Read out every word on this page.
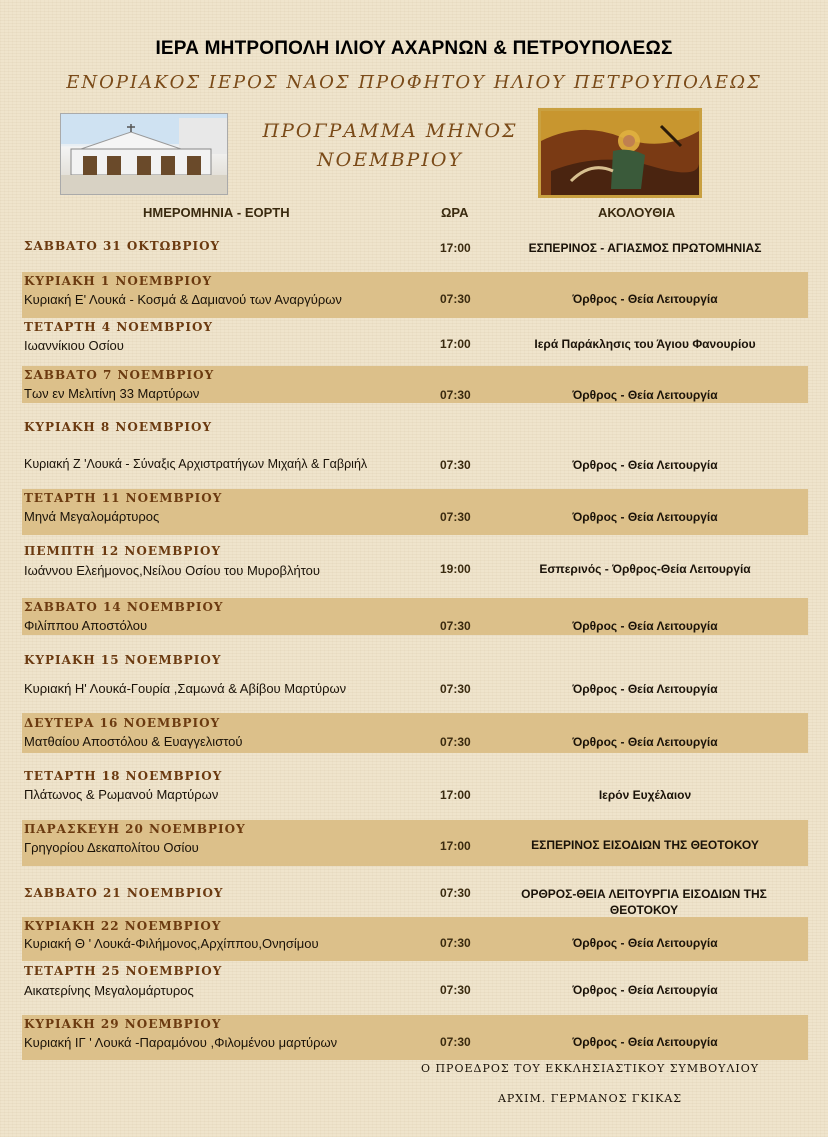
ΙΕΡΑ ΜΗΤΡΟΠΟΛΗ ΙΛΙΟΥ ΑΧΑΡΝΩΝ & ΠΕΤΡΟΥΠΟΛΕΩΣ
ΕΝΟΡΙΑΚΟΣ ΙΕΡΟΣ ΝΑΟΣ ΠΡΟΦΗΤΟΥ ΗΛΙΟΥ ΠΕΤΡΟΥΠΟΛΕΩΣ
ΠΡΟΓΡΑΜΜΑ ΜΗΝΟΣ
ΝΟΕΜΒΡΙΟΥ
ΗΜΕΡΟΜΗΝΙΑ - ΕΟΡΤΗ	ΩΡΑ	ΑΚΟΛΟΥΘΙΑ
ΣΑΒΒΑΤΟ 31 ΟΚΤΩΒΡΙΟΥ	17:00	ΕΣΠΕΡΙΝΟΣ - ΑΓΙΑΣΜΟΣ ΠΡΩΤΟΜΗΝΙΑΣ
ΚΥΡΙΑΚΗ 1 ΝΟΕΜΒΡΙΟΥ
Κυριακή Ε' Λουκά - Κοσμά & Δαμιανού των Αναργύρων	07:30	Όρθρος - Θεία Λειτουργία
ΤΕΤΑΡΤΗ 4 ΝΟΕΜΒΡΙΟΥ
Ιωαννίκιου Οσίου	17:00	Ιερά Παράκλησις του Άγιου Φανουρίου
ΣΑΒΒΑΤΟ 7 ΝΟΕΜΒΡΙΟΥ
Των εν Μελιτίνη 33 Μαρτύρων	07:30	Όρθρος - Θεία Λειτουργία
ΚΥΡΙΑΚΗ 8 ΝΟΕΜΒΡΙΟΥ
Κυριακή Ζ 'Λουκά - Σύναξις Αρχιστρατήγων Μιχαήλ & Γαβριήλ	07:30	Όρθρος - Θεία Λειτουργία
ΤΕΤΑΡΤΗ 11 ΝΟΕΜΒΡΙΟΥ
Μηνά Μεγαλομάρτυρος	07:30	Όρθρος - Θεία Λειτουργία
ΠΕΜΠΤΗ 12 ΝΟΕΜΒΡΙΟΥ
Ιωάννου Ελεήμονος,Νείλου Οσίου του Μυροβλήτου	19:00	Εσπερινός - Όρθρος-Θεία Λειτουργία
ΣΑΒΒΑΤΟ 14 ΝΟΕΜΒΡΙΟΥ
Φιλίππου Αποστόλου	07:30	Όρθρος - Θεία Λειτουργία
ΚΥΡΙΑΚΗ 15 ΝΟΕΜΒΡΙΟΥ
Κυριακή Η' Λουκά-Γουρία ,Σαμωνά & Αβίβου Μαρτύρων	07:30	Όρθρος - Θεία Λειτουργία
ΔΕΥΤΕΡΑ 16 ΝΟΕΜΒΡΙΟΥ
Ματθαίου Αποστόλου & Ευαγγελιστού	07:30	Όρθρος - Θεία Λειτουργία
ΤΕΤΑΡΤΗ 18 ΝΟΕΜΒΡΙΟΥ
Πλάτωνος & Ρωμανού Μαρτύρων	17:00	Ιερόν Ευχέλαιον
ΠΑΡΑΣΚΕΥΗ 20 ΝΟΕΜΒΡΙΟΥ
Γρηγορίου Δεκαπολίτου Οσίου	17:00	ΕΣΠΕΡΙΝΟΣ ΕΙΣΟΔΙΩΝ ΤΗΣ ΘΕΟΤΟΚΟΥ
ΣΑΒΒΑΤΟ 21 ΝΟΕΜΒΡΙΟΥ	07:30	ΟΡΘΡΟΣ-ΘΕΙΑ ΛΕΙΤΟΥΡΓΙΑ ΕΙΣΟΔΙΩΝ ΤΗΣ ΘΕΟΤΟΚΟΥ
ΚΥΡΙΑΚΗ 22 ΝΟΕΜΒΡΙΟΥ
Κυριακή Θ ' Λουκά-Φιλήμονος,Αρχίππου,Ονησίμου	07:30	Όρθρος - Θεία Λειτουργία
ΤΕΤΑΡΤΗ 25 ΝΟΕΜΒΡΙΟΥ
Αικατερίνης Μεγαλομάρτυρος	07:30	Όρθρος - Θεία Λειτουργία
ΚΥΡΙΑΚΗ 29 ΝΟΕΜΒΡΙΟΥ
Κυριακή ΙΓ ' Λουκά -Παραμόνου ,Φιλομένου μαρτύρων	07:30	Όρθρος - Θεία Λειτουργία
Ο ΠΡΟΕΔΡΟΣ ΤΟΥ ΕΚΚΛΗΣΙΑΣΤΙΚΟΥ ΣΥΜΒΟΥΛΙΟΥ
ΑΡΧΙΜ. ΓΕΡΜΑΝΟΣ ΓΚΙΚΑΣ
